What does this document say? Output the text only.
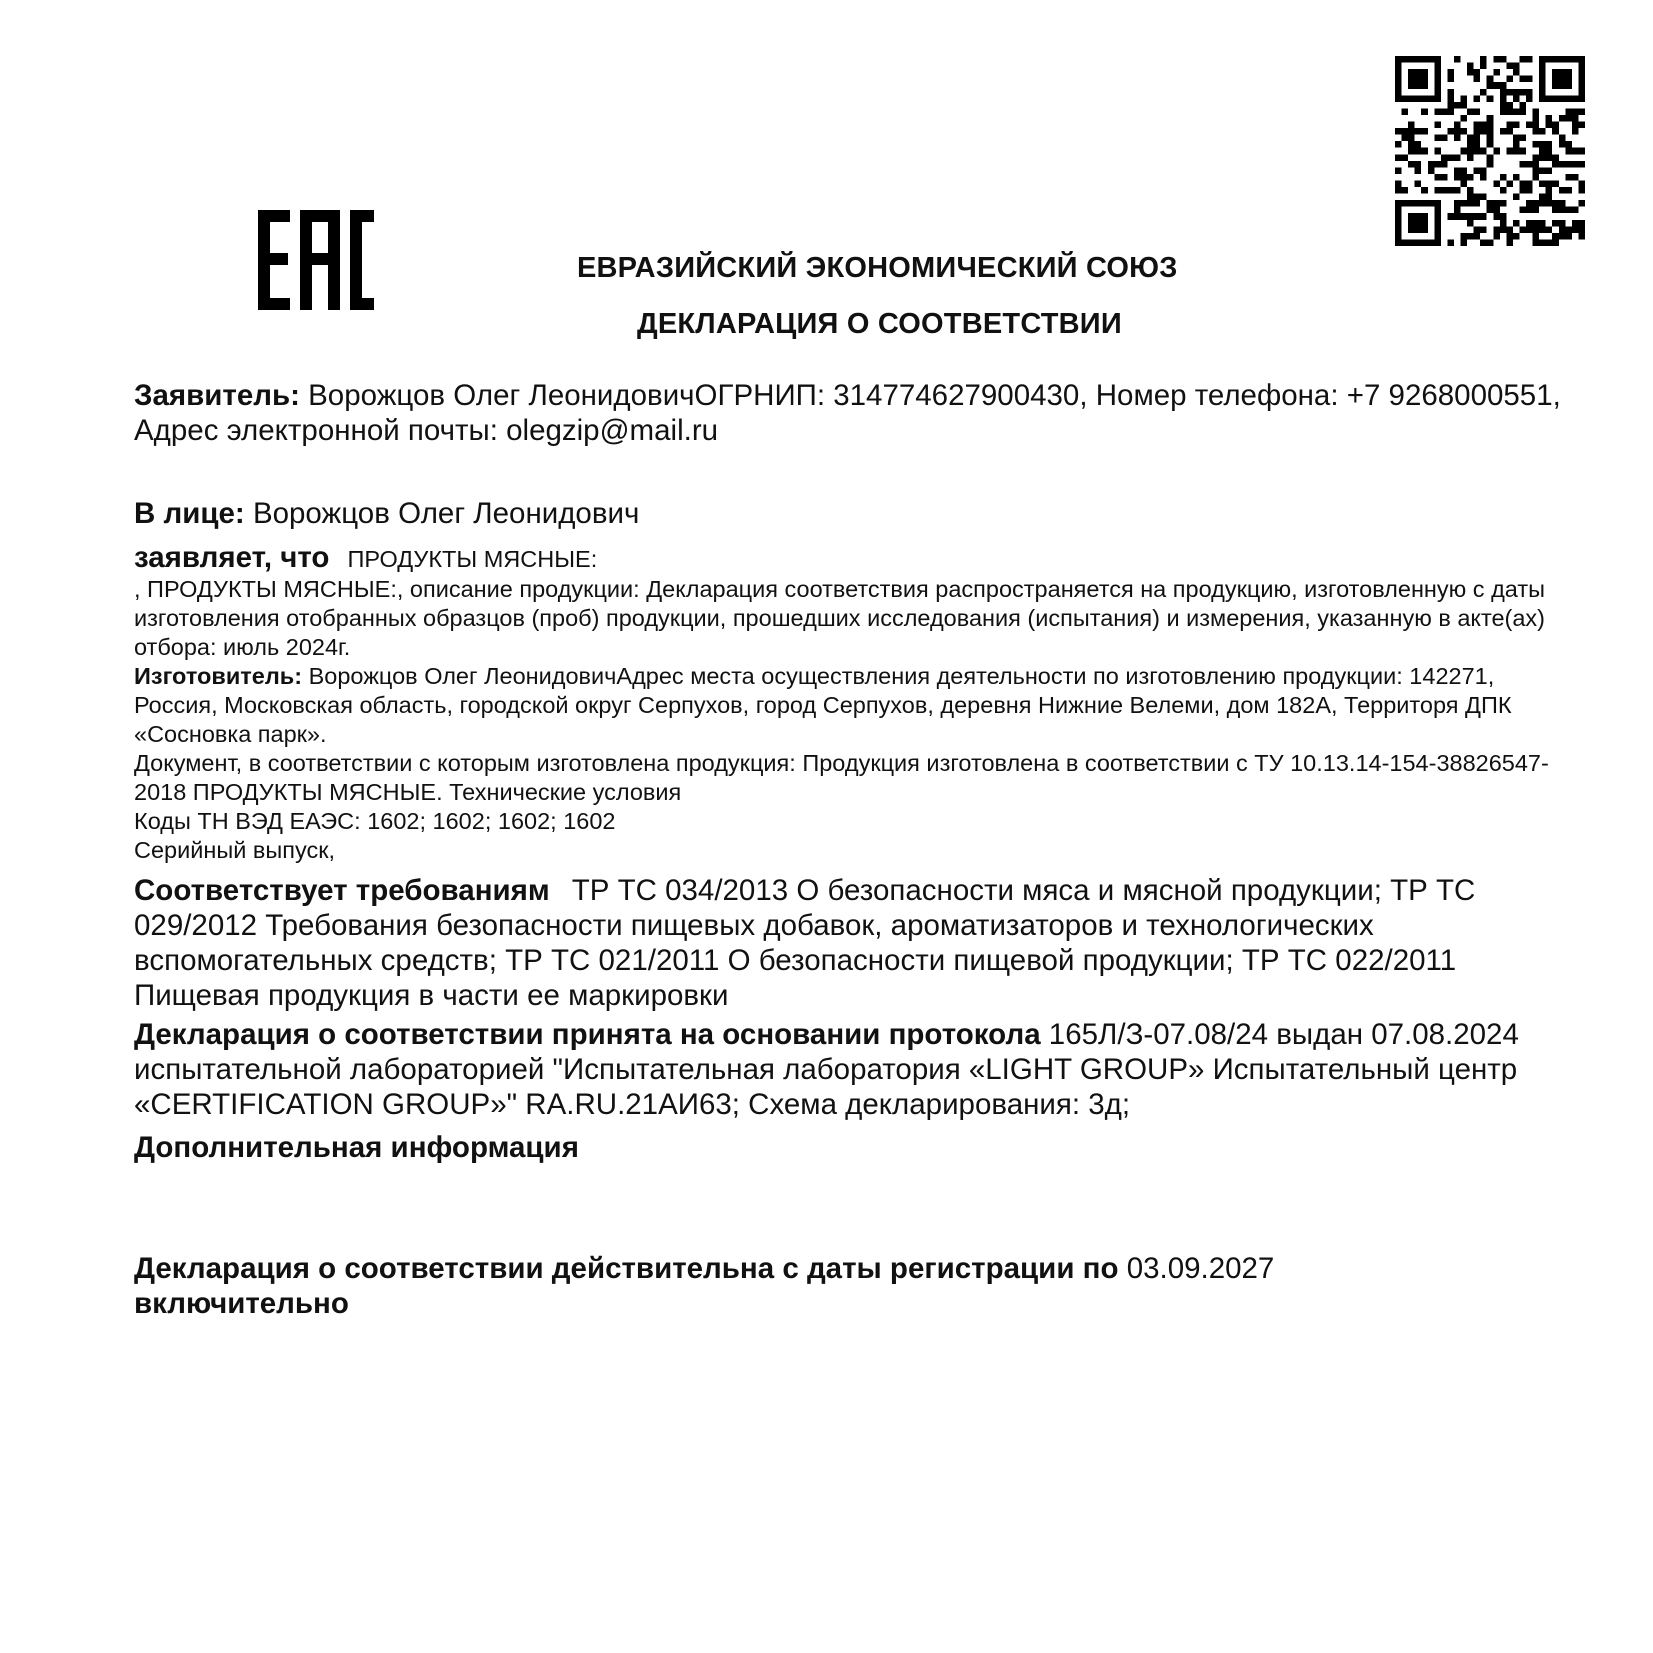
ЕВРАЗИЙСКИЙ ЭКОНОМИЧЕСКИЙ СОЮЗ
ДЕКЛАРАЦИЯ О СООТВЕТСТВИИ

Заявитель: Ворожцов Олег ЛеонидовичОГРНИП: 314774627900430, Номер телефона: +7 9268000551, Адрес электронной почты: olegzip@mail.ru

В лице: Ворожцов Олег Леонидович

заявляет, что ПРОДУКТЫ МЯСНЫЕ:

, ПРОДУКТЫ МЯСНЫЕ:, описание продукции: Декларация соответствия распространяется на продукцию, изготовленную с даты изготовления отобранных образцов (проб) продукции, прошедших исследования (испытания) и измерения, указанную в акте(ах) отбора: июль 2024г.

Изготовитель: Ворожцов Олег ЛеонидовичАдрес места осуществления деятельности по изготовлению продукции: 142271, Россия, Московская область, городской округ Серпухов, город Серпухов, деревня Нижние Велеми, дом 182А, Территоря ДПК «Сосновка парк».

Документ, в соответствии с которым изготовлена продукция: Продукция изготовлена в соответствии с ТУ 10.13.14-154-38826547-2018 ПРОДУКТЫ МЯСНЫЕ. Технические условия

Коды ТН ВЭД ЕАЭС: 1602; 1602; 1602; 1602

Серийный выпуск,

Соответствует требованиям ТР ТС 034/2013 О безопасности мяса и мясной продукции; ТР ТС 029/2012 Требования безопасности пищевых добавок, ароматизаторов и технологических вспомогательных средств; ТР ТС 021/2011 О безопасности пищевой продукции; ТР ТС 022/2011 Пищевая продукция в части ее маркировки

Декларация о соответствии принята на основании протокола 165Л/З-07.08/24 выдан 07.08.2024 испытательной лабораторией "Испытательная лаборатория «LIGHT GROUP» Испытательный центр «CERTIFICATION GROUP»" RA.RU.21АИ63; Схема декларирования: 3д;

Дополнительная информация

Декларация о соответствии действительна с даты регистрации по 03.09.2027
включительно
